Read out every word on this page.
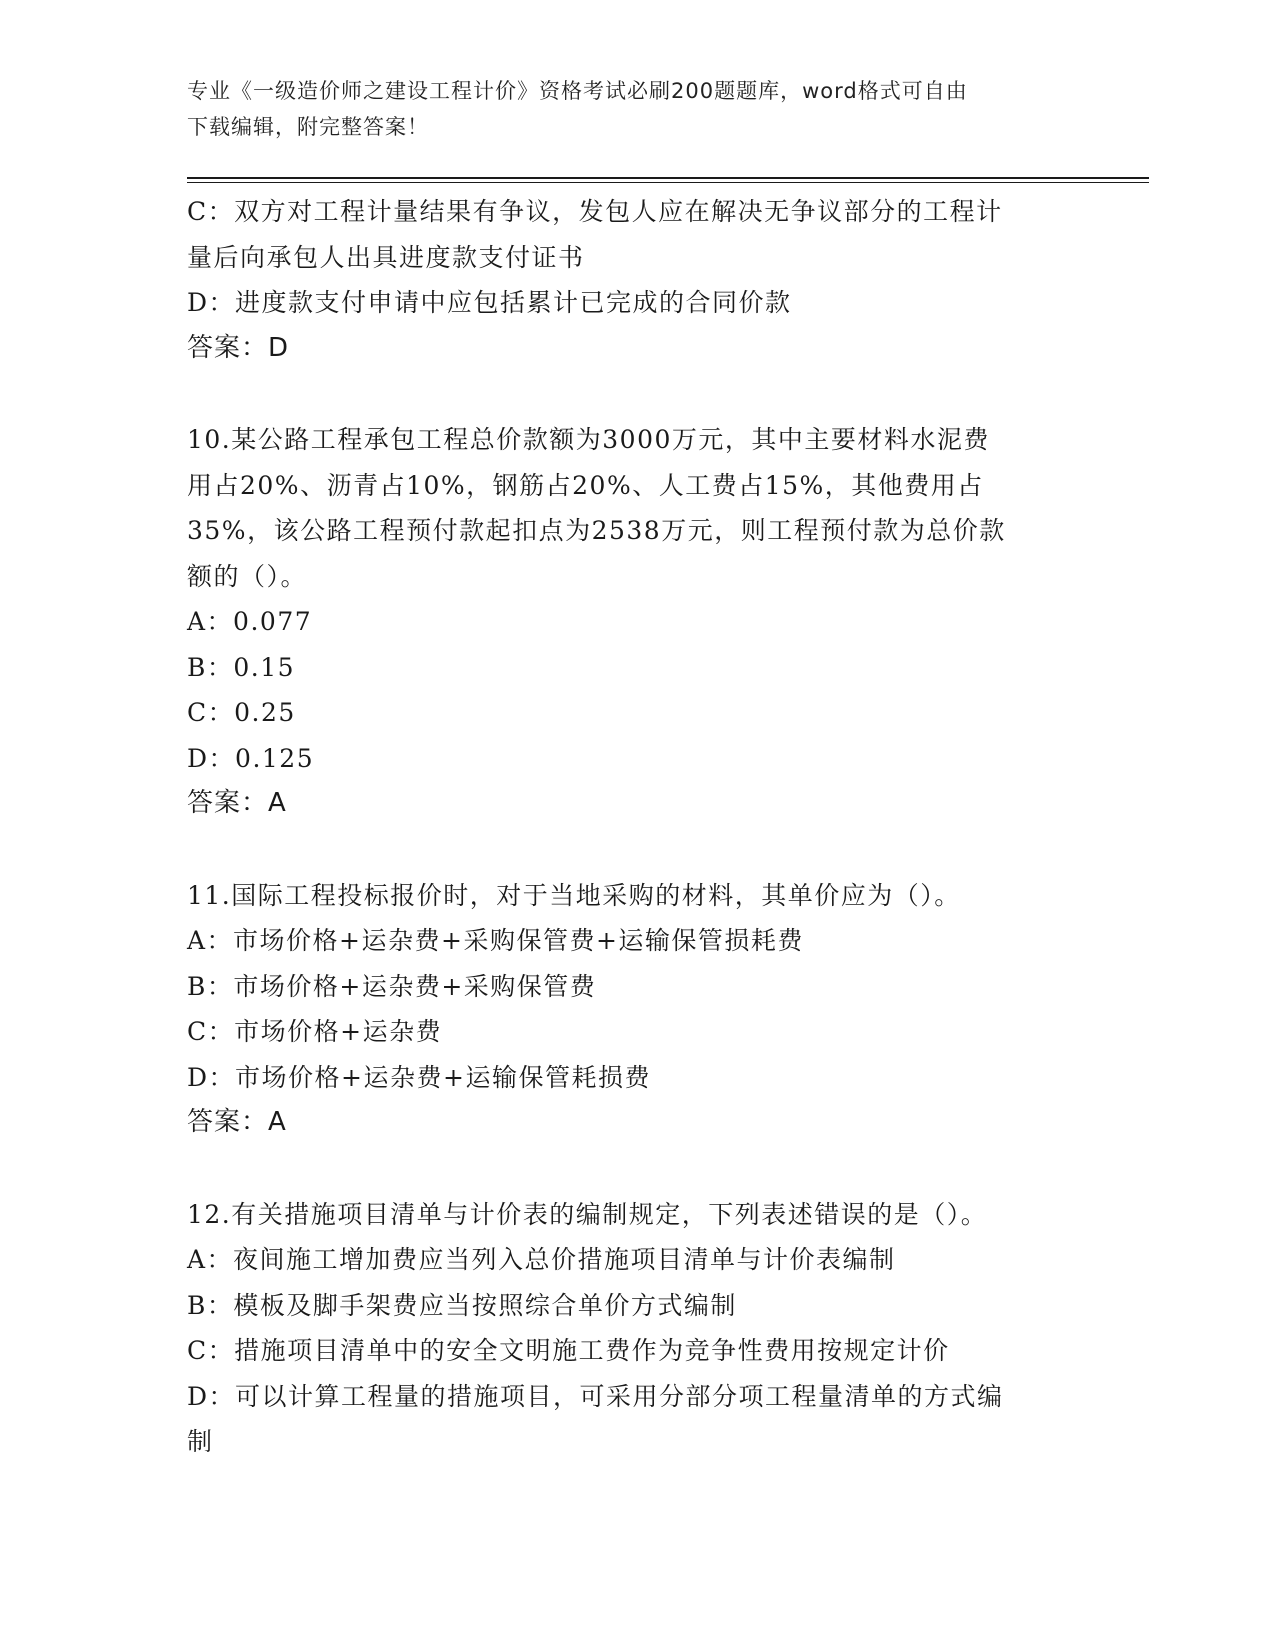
专业《一级造价师之建设工程计价》资格考试必刷200题题库，word格式可自由
下载编辑，附完整答案！
C：双方对工程计量结果有争议，发包人应在解决无争议部分的工程计
量后向承包人出具进度款支付证书
D：进度款支付申请中应包括累计已完成的合同价款
答案：D
10.某公路工程承包工程总价款额为3000万元，其中主要材料水泥费
用占20%、沥青占10%，钢筋占20%、人工费占15%，其他费用占
35%，该公路工程预付款起扣点为2538万元，则工程预付款为总价款
额的（）。
A：0.077
B：0.15
C：0.25
D：0.125
答案：A
11.国际工程投标报价时，对于当地采购的材料，其单价应为（）。
A：市场价格+运杂费+采购保管费+运输保管损耗费
B：市场价格+运杂费+采购保管费
C：市场价格+运杂费
D：市场价格+运杂费+运输保管耗损费
答案：A
12.有关措施项目清单与计价表的编制规定，下列表述错误的是（）。
A：夜间施工增加费应当列入总价措施项目清单与计价表编制
B：模板及脚手架费应当按照综合单价方式编制
C：措施项目清单中的安全文明施工费作为竞争性费用按规定计价
D：可以计算工程量的措施项目，可采用分部分项工程量清单的方式编
制
